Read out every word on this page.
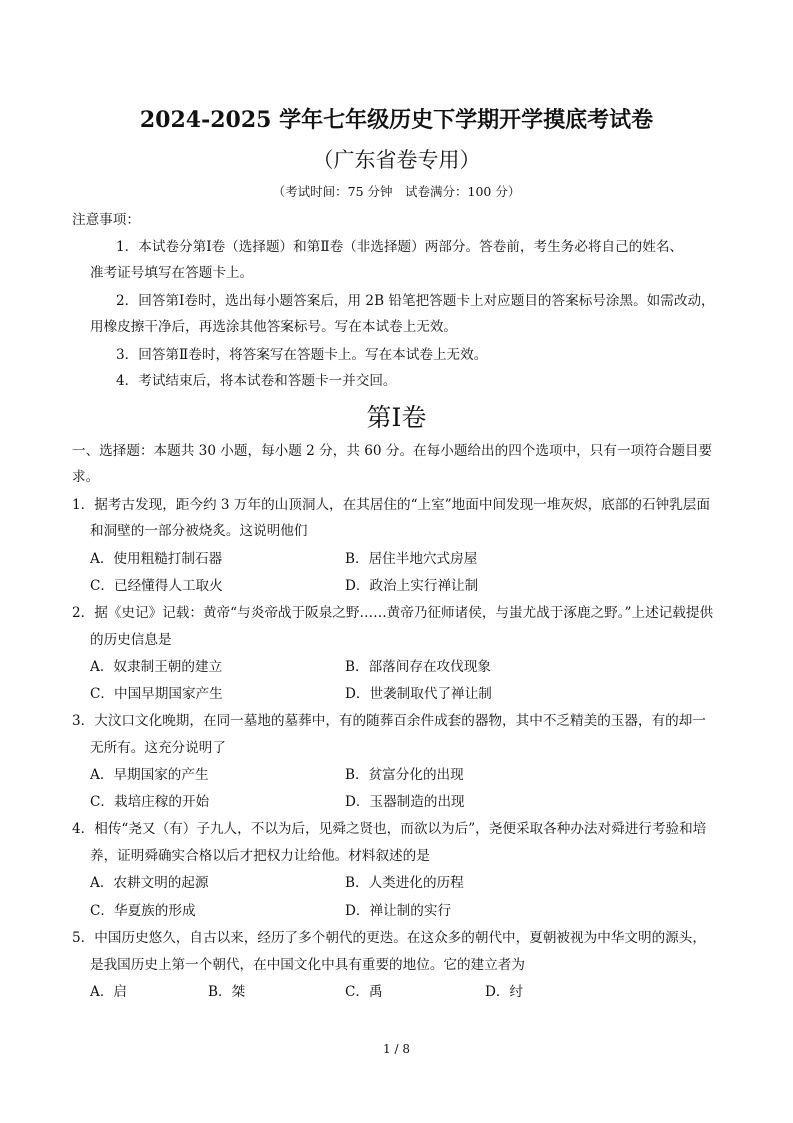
2024-2025 学年七年级历史下学期开学摸底考试卷
（广东省卷专用）
（考试时间：75 分钟　试卷满分：100 分）
注意事项：
1．本试卷分第Ⅰ卷（选择题）和第Ⅱ卷（非选择题）两部分。答卷前，考生务必将自己的姓名、
准考证号填写在答题卡上。
2．回答第Ⅰ卷时，选出每小题答案后，用 2B 铅笔把答题卡上对应题目的答案标号涂黑。如需改动，
用橡皮擦干净后，再选涂其他答案标号。写在本试卷上无效。
3．回答第Ⅱ卷时，将答案写在答题卡上。写在本试卷上无效。
4．考试结束后，将本试卷和答题卡一并交回。
第Ⅰ卷
一、选择题：本题共 30 小题，每小题 2 分，共 60 分。在每小题给出的四个选项中，只有一项符合题目要
求。
1．据考古发现，距今约 3 万年的山顶洞人，在其居住的“上室”地面中间发现一堆灰烬，底部的石钟乳层面
和洞壁的一部分被烧炙。这说明他们
A．使用粗糙打制石器	B．居住半地穴式房屋
C．已经懂得人工取火	D．政治上实行禅让制
2．据《史记》记载：黄帝“与炎帝战于阪泉之野……黄帝乃征师诸侯，与蚩尤战于涿鹿之野。”上述记载提供
的历史信息是
A．奴隶制王朝的建立	B．部落间存在攻伐现象
C．中国早期国家产生	D．世袭制取代了禅让制
3．大汶口文化晚期，在同一墓地的墓葬中，有的随葬百余件成套的器物，其中不乏精美的玉器，有的却一
无所有。这充分说明了
A．早期国家的产生	B．贫富分化的出现
C．栽培庄稼的开始	D．玉器制造的出现
4．相传“尧又（有）子九人，不以为后，见舜之贤也，而欲以为后”，尧便采取各种办法对舜进行考验和培
养，证明舜确实合格以后才把权力让给他。材料叙述的是
A．农耕文明的起源	B．人类进化的历程
C．华夏族的形成	D．禅让制的实行
5．中国历史悠久，自古以来，经历了多个朝代的更迭。在这众多的朝代中，夏朝被视为中华文明的源头，
是我国历史上第一个朝代，在中国文化中具有重要的地位。它的建立者为
A．启	B．桀	C．禹	D．纣
1 / 8
